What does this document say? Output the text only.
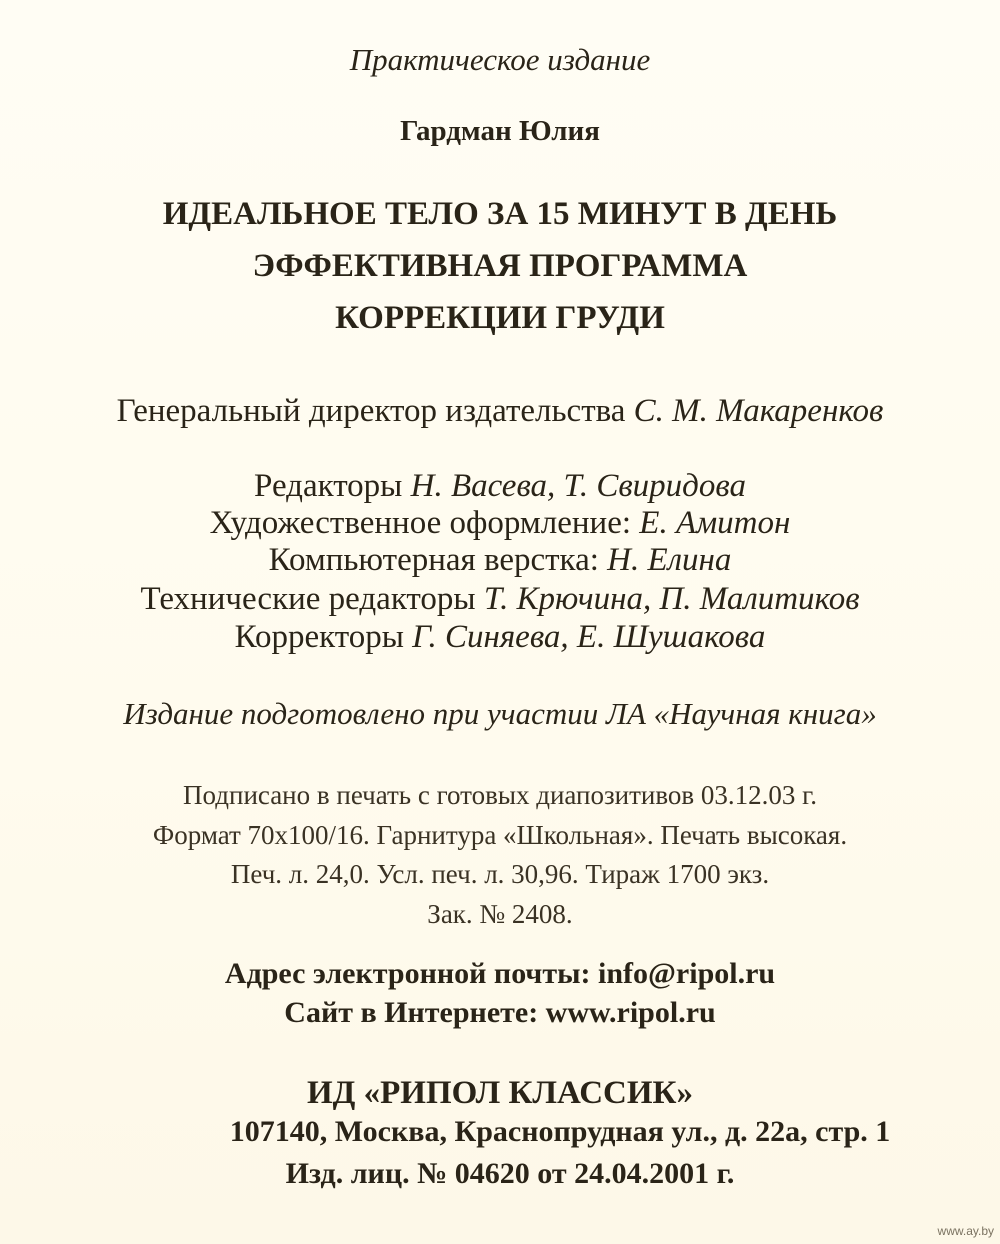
Практическое издание
Гардман Юлия
ИДЕАЛЬНОЕ ТЕЛО ЗА 15 МИНУТ В ДЕНЬ
ЭФФЕКТИВНАЯ ПРОГРАММА
КОРРЕКЦИИ ГРУДИ
Генеральный директор издательства С. М. Макаренков
Редакторы Н. Васева, Т. Свиридова
Художественное оформление: Е. Амитон
Компьютерная верстка: Н. Елина
Технические редакторы Т. Крючина, П. Малитиков
Корректоры Г. Синяева, Е. Шушакова
Издание подготовлено при участии ЛА «Научная книга»
Подписано в печать с готовых диапозитивов 03.12.03 г.
Формат 70х100/16. Гарнитура «Школьная». Печать высокая.
Печ. л. 24,0. Усл. печ. л. 30,96. Тираж 1700 экз.
Зак. № 2408.
Адрес электронной почты: info@ripol.ru
Сайт в Интернете: www.ripol.ru
ИД «РИПОЛ КЛАССИК»
107140, Москва, Краснопрудная ул., д. 22а, стр. 1
Изд. лиц. № 04620 от 24.04.2001 г.
www.ay.by
